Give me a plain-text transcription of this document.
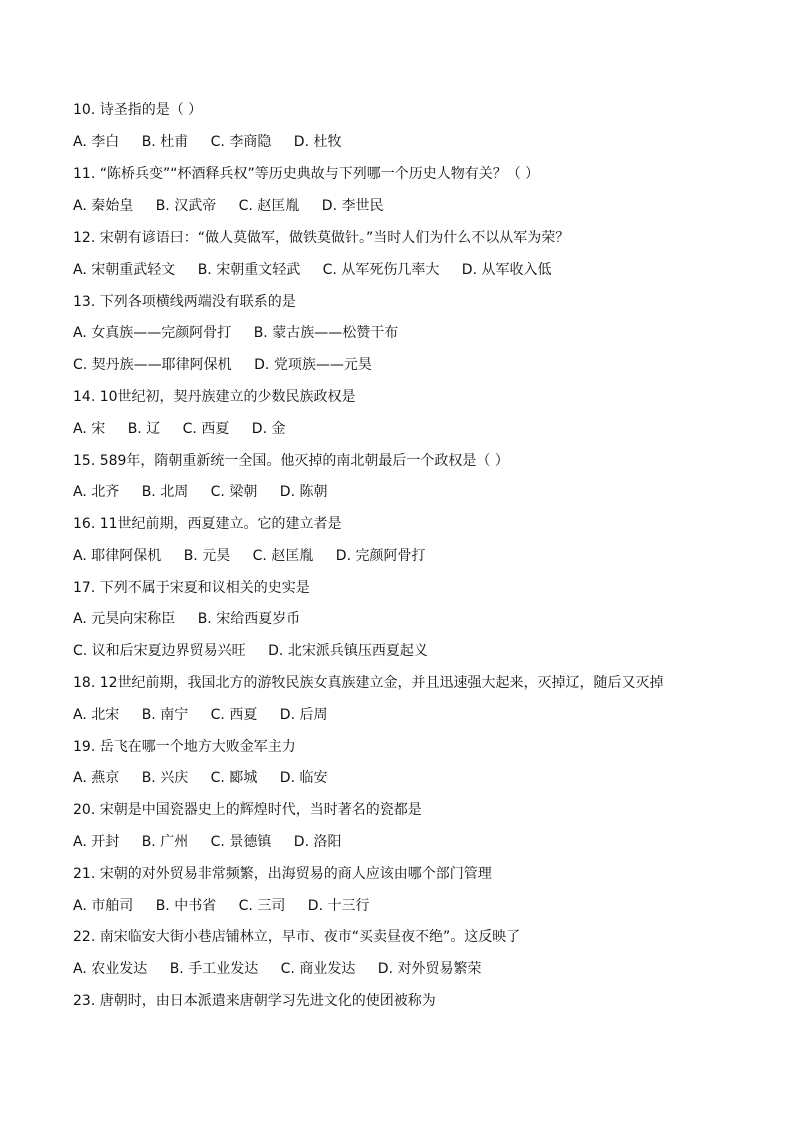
10. 诗圣指的是（ ）
A. 李白 B. 杜甫 C. 李商隐 D. 杜牧
11. “陈桥兵变”“杯酒释兵权”等历史典故与下列哪一个历史人物有关？（ ）
A. 秦始皇 B. 汉武帝 C. 赵匡胤 D. 李世民
12. 宋朝有谚语曰：“做人莫做军，做铁莫做针。”当时人们为什么不以从军为荣？
A. 宋朝重武轻文 B. 宋朝重文轻武 C. 从军死伤几率大 D. 从军收入低
13. 下列各项横线两端没有联系的是
A. 女真族——完颜阿骨打 B. 蒙古族——松赞干布
C. 契丹族——耶律阿保机 D. 党项族——元昊
14. 10世纪初，契丹族建立的少数民族政权是
A. 宋 B. 辽 C. 西夏 D. 金
15. 589年，隋朝重新统一全国。他灭掉的南北朝最后一个政权是（ ）
A. 北齐 B. 北周 C. 梁朝 D. 陈朝
16. 11世纪前期，西夏建立。它的建立者是
A. 耶律阿保机 B. 元昊 C. 赵匡胤 D. 完颜阿骨打
17. 下列不属于宋夏和议相关的史实是
A. 元昊向宋称臣 B. 宋给西夏岁币
C. 议和后宋夏边界贸易兴旺 D. 北宋派兵镇压西夏起义
18. 12世纪前期，我国北方的游牧民族女真族建立金，并且迅速强大起来，灭掉辽，随后又灭掉
A. 北宋 B. 南宁 C. 西夏 D. 后周
19. 岳飞在哪一个地方大败金军主力
A. 燕京 B. 兴庆 C. 郾城 D. 临安
20. 宋朝是中国瓷器史上的辉煌时代，当时著名的瓷都是
A. 开封 B. 广州 C. 景德镇 D. 洛阳
21. 宋朝的对外贸易非常频繁，出海贸易的商人应该由哪个部门管理
A. 市舶司 B. 中书省 C. 三司 D. 十三行
22. 南宋临安大街小巷店铺林立，早市、夜市“买卖昼夜不绝”。这反映了
A. 农业发达 B. 手工业发达 C. 商业发达 D. 对外贸易繁荣
23. 唐朝时，由日本派遣来唐朝学习先进文化的使团被称为
